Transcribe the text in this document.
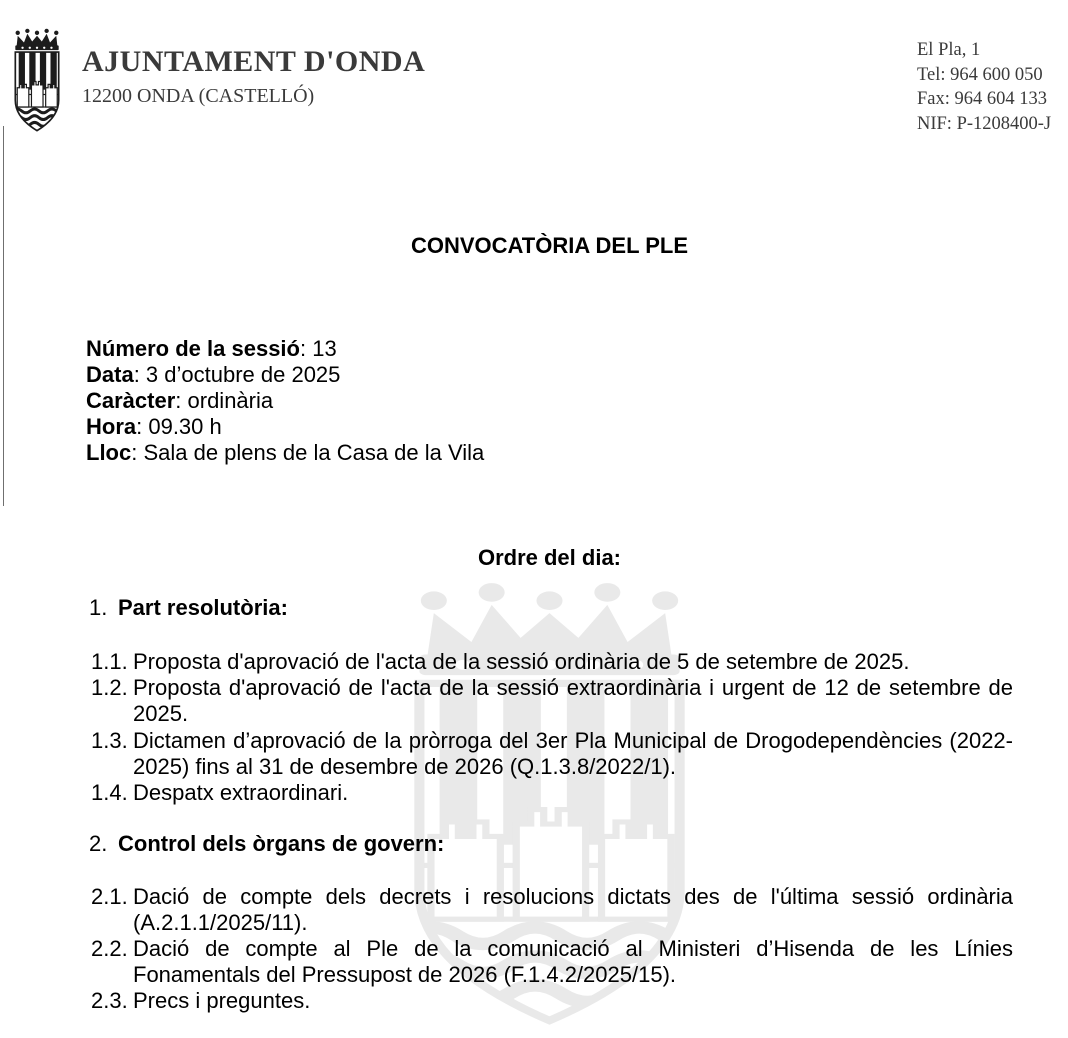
AJUNTAMENT D'ONDA
12200 ONDA (CASTELLÓ)
El Pla, 1
Tel: 964 600 050
Fax: 964 604 133
NIF: P-1208400-J
CONVOCATÒRIA DEL PLE
Número de la sessió: 13
Data: 3 d’octubre de 2025
Caràcter: ordinària
Hora: 09.30 h
Lloc: Sala de plens de la Casa de la Vila
Ordre del dia:
1. Part resolutòria:
1.1. Proposta d'aprovació de l'acta de la sessió ordinària de 5 de setembre de 2025.
1.2. Proposta d'aprovació de l'acta de la sessió extraordinària i urgent de 12 de setembre de 2025.
1.3. Dictamen d’aprovació de la pròrroga del 3er Pla Municipal de Drogodependències (2022-2025) fins al 31 de desembre de 2026 (Q.1.3.8/2022/1).
1.4. Despatx extraordinari.
2. Control dels òrgans de govern:
2.1. Dació de compte dels decrets i resolucions dictats des de l'última sessió ordinària (A.2.1.1/2025/11).
2.2. Dació de compte al Ple de la comunicació al Ministeri d’Hisenda de les Línies Fonamentals del Pressupost de 2026 (F.1.4.2/2025/15).
2.3. Precs i preguntes.
